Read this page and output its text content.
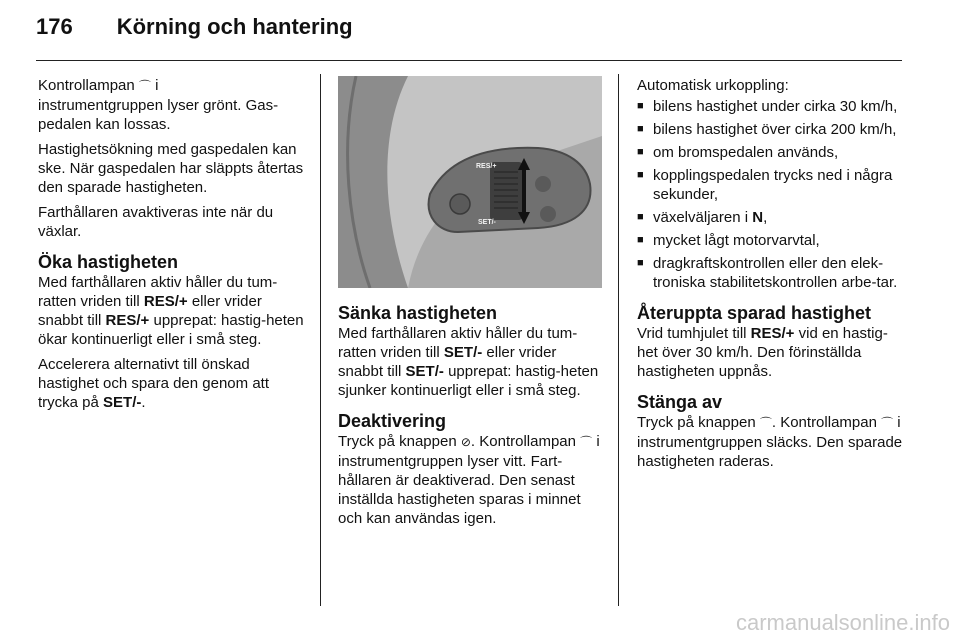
176 Körning och hantering

Kontrollampan ⌒ i
instrumentgruppen lyser grönt. Gas-
pedalen kan lossas.

Hastighetsökning med gaspedalen kan ske. När gaspedalen har släppts återtas den sparade hastigheten.

Farthållaren avaktiveras inte när du växlar.

Öka hastigheten

Med farthållaren aktiv håller du tum-ratten vriden till RES/+ eller vrider snabbt till RES/+ upprepat: hastig-heten ökar kontinuerligt eller i små steg.

Accelerera alternativt till önskad hastighet och spara den genom att trycka på SET/-.

RES/+
SET/-
Sänka hastigheten

Med farthållaren aktiv håller du tum-ratten vriden till SET/- eller vrider snabbt till SET/- upprepat: hastig-heten sjunker kontinuerligt eller i små steg.

Deaktivering

Tryck på knappen ⊘. Kontrollampan ⌒ i instrumentgruppen lyser vitt. Fart-hållaren är deaktiverad. Den senast inställda hastigheten sparas i minnet och kan användas igen.

Automatisk urkoppling:

■ bilens hastighet under cirka 30 km/h,
■ bilens hastighet över cirka 200 km/h,
■ om bromspedalen används,
■ kopplingspedalen trycks ned i några sekunder,
■ växelväljaren i N,
■ mycket lågt motorvarvtal,
■ dragkraftskontrollen eller den elek-troniska stabilitetskontrollen arbe-tar.
Återuppta sparad hastighet

Vrid tumhjulet till RES/+ vid en hastig-het över 30 km/h. Den förinställda hastigheten uppnås.

Stänga av

Tryck på knappen ⌒. Kontrollampan ⌒ i instrumentgruppen släcks. Den sparade hastigheten raderas.

carmanualsonline.info
